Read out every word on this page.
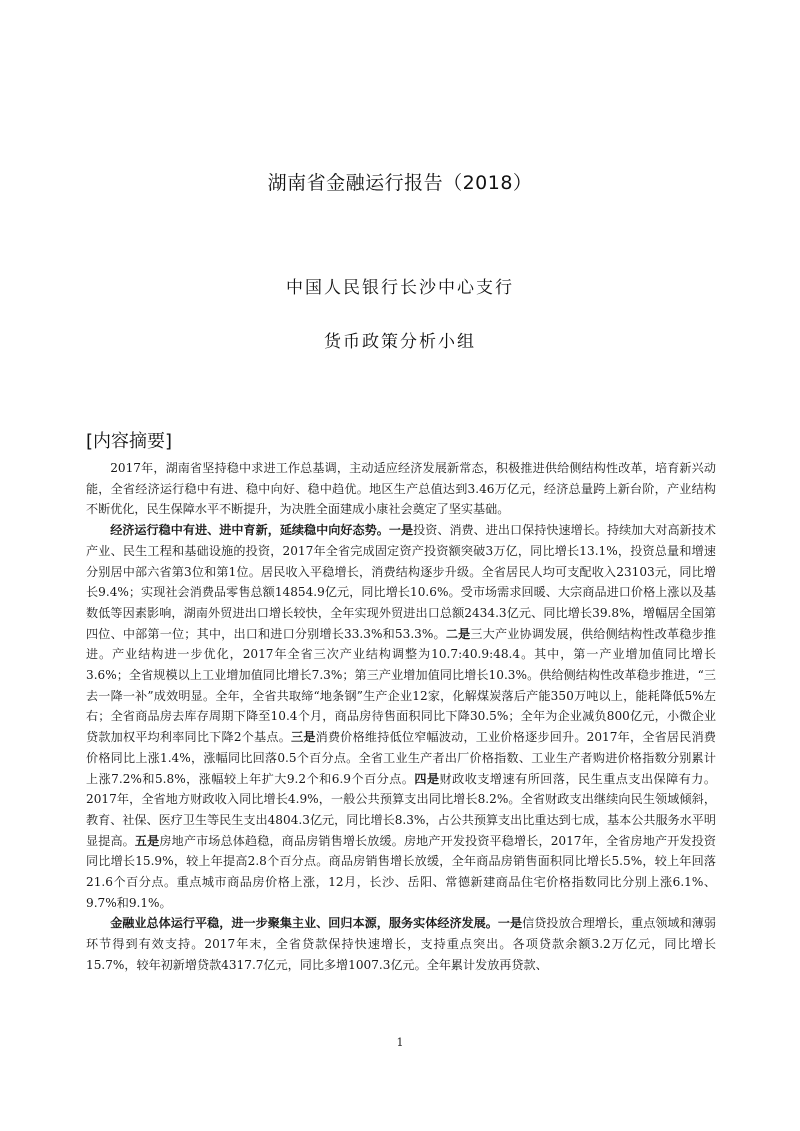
湖南省金融运行报告（2018）
中国人民银行长沙中心支行
货币政策分析小组
[内容摘要]

2017年，湖南省坚持稳中求进工作总基调，主动适应经济发展新常态，积极推进供给侧结构性改革，培育新兴动能，全省经济运行稳中有进、稳中向好、稳中趋优。地区生产总值达到3.46万亿元，经济总量跨上新台阶，产业结构不断优化，民生保障水平不断提升，为决胜全面建成小康社会奠定了坚实基础。

经济运行稳中有进、进中育新，延续稳中向好态势。一是投资、消费、进出口保持快速增长。持续加大对高新技术产业、民生工程和基础设施的投资，2017年全省完成固定资产投资额突破3万亿，同比增长13.1%，投资总量和增速分别居中部六省第3位和第1位。居民收入平稳增长，消费结构逐步升级。全省居民人均可支配收入23103元，同比增长9.4%；实现社会消费品零售总额14854.9亿元，同比增长10.6%。受市场需求回暖、大宗商品进口价格上涨以及基数低等因素影响，湖南外贸进出口增长较快，全年实现外贸进出口总额2434.3亿元、同比增长39.8%，增幅居全国第四位、中部第一位；其中，出口和进口分别增长33.3%和53.3%。二是三大产业协调发展，供给侧结构性改革稳步推进。产业结构进一步优化，2017年全省三次产业结构调整为10.7:40.9:48.4。其中，第一产业增加值同比增长3.6%；全省规模以上工业增加值同比增长7.3%；第三产业增加值同比增长10.3%。供给侧结构性改革稳步推进，“三去一降一补”成效明显。全年，全省共取缔“地条钢”生产企业12家，化解煤炭落后产能350万吨以上，能耗降低5%左右；全省商品房去库存周期下降至10.4个月，商品房待售面积同比下降30.5%；全年为企业减负800亿元，小微企业贷款加权平均利率同比下降2个基点。三是消费价格维持低位窄幅波动，工业价格逐步回升。2017年，全省居民消费价格同比上涨1.4%，涨幅同比回落0.5个百分点。全省工业生产者出厂价格指数、工业生产者购进价格指数分别累计上涨7.2%和5.8%，涨幅较上年扩大9.2个和6.9个百分点。四是财政收支增速有所回落，民生重点支出保障有力。2017年，全省地方财政收入同比增长4.9%，一般公共预算支出同比增长8.2%。全省财政支出继续向民生领域倾斜，教育、社保、医疗卫生等民生支出4804.3亿元，同比增长8.3%，占公共预算支出比重达到七成，基本公共服务水平明显提高。五是房地产市场总体趋稳，商品房销售增长放缓。房地产开发投资平稳增长，2017年，全省房地产开发投资同比增长15.9%，较上年提高2.8个百分点。商品房销售增长放缓，全年商品房销售面积同比增长5.5%，较上年回落21.6个百分点。重点城市商品房价格上涨，12月，长沙、岳阳、常德新建商品住宅价格指数同比分别上涨6.1%、9.7%和9.1%。

金融业总体运行平稳，进一步聚集主业、回归本源，服务实体经济发展。一是信贷投放合理增长，重点领域和薄弱环节得到有效支持。2017年末，全省贷款保持快速增长，支持重点突出。各项贷款余额3.2万亿元，同比增长15.7%，较年初新增贷款4317.7亿元，同比多增1007.3亿元。全年累计发放再贷款、

1
